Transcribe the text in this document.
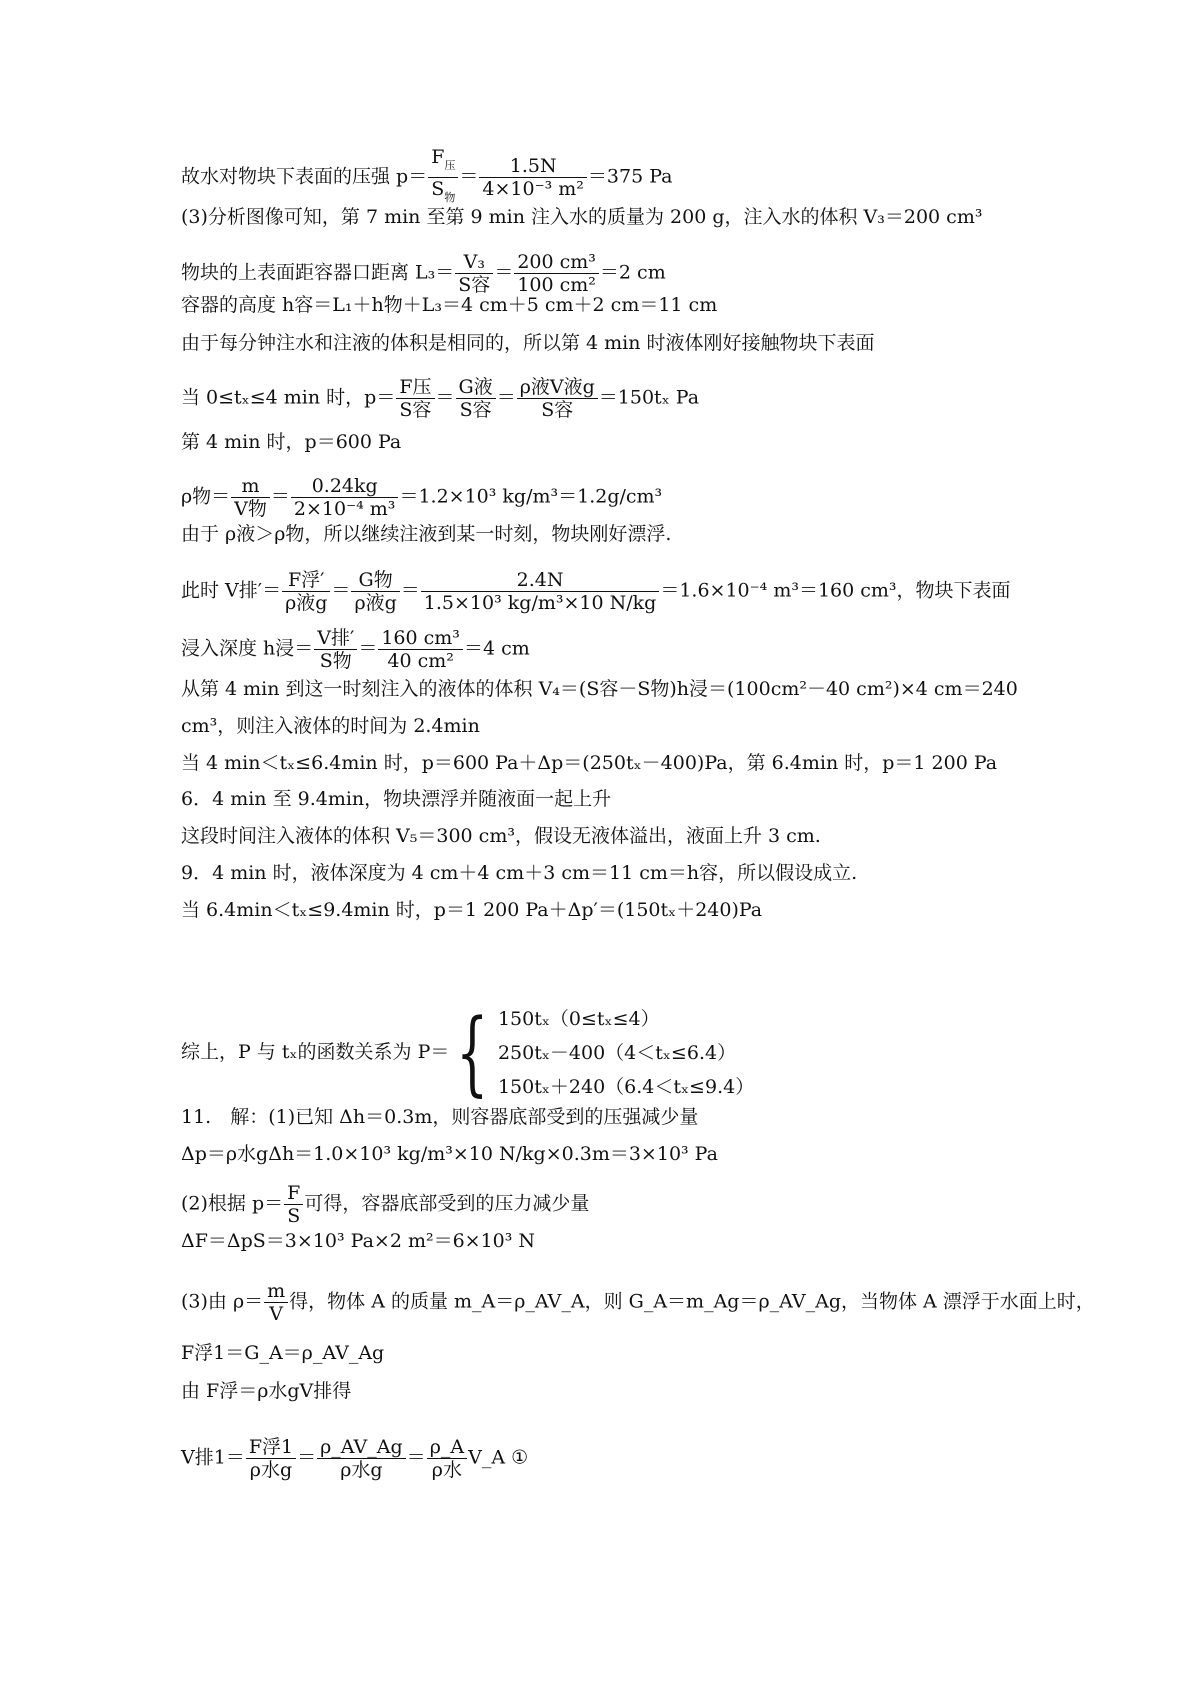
故水对物块下表面的压强 $p= \frac{F_压}{S_物} = \frac{1.5N}{\text{4×10⁻³ m²}} =375$ Pa
(3)分析图像可知，第 7 min 至第 9 min 注入水的质量为 200 g，注入水的体积 V₃＝200 cm³
物块的上表面距容器口距离 $L_3= \frac{\text{V₃}}{\text{S容}} = \frac{\text{200 cm³}}{\text{100 cm²}} =2$ cm
容器的高度 h容＝L₁＋h物＋L₃＝4 cm＋5 cm＋2 cm＝11 cm
由于每分钟注水和注液的体积是相同的，所以第 4 min 时液体刚好接触物块下表面
当 0≤tₓ≤4 min 时，$p= \frac{\text{F压}}{\text{S容}} = \frac{\text{G液}}{\text{S容}} = \frac{\text{ρ液V液g}}{\text{S容}} =150t_x$ Pa
第 4 min 时，p＝600 Pa
ρ物＝ $\frac{m}{\text{V物}} = \frac{0.24kg}{\text{2×10⁻⁴ m³}} =1.2\times 10^3$ kg/m³＝1.2g/cm³
由于 ρ液＞ρ物，所以继续注液到某一时刻，物块刚好漂浮.
此时 V排′＝ $\frac{\text{F浮′}}{\text{ρ液g}} = \frac{\text{G物}}{\text{ρ液g}} = \frac{2.4N}{\text{1.5×10³ kg/m³×10 N/kg}} =1.6\times 10^{-4}$ m³＝160 cm³，物块下表面
浸入深度 h浸＝ $\frac{\text{V排′}}{\text{S物}} = \frac{\text{160 cm³}}{\text{40 cm²}} =4$ cm
从第 4 min 到这一时刻注入的液体的体积 V₄＝(S容－S物)h浸＝(100cm²－40 cm²)×4 cm＝240
cm³，则注入液体的时间为 2.4min
当 4 min＜tₓ≤6.4min 时，p＝600 Pa＋Δp＝(250tₓ－400)Pa，第 6.4min 时，p＝1 200 Pa
6．4 min 至 9.4min，物块漂浮并随液面一起上升
这段时间注入液体的体积 V₅＝300 cm³，假设无液体溢出，液面上升 3 cm.
9．4 min 时，液体深度为 4 cm＋4 cm＋3 cm＝11 cm＝h容，所以假设成立.
当 6.4min＜tₓ≤9.4min 时，p＝1 200 Pa＋Δp′＝(150tₓ＋240)Pa
综上，P 与 tₓ的函数关系为 P＝{ 150tₓ（0≤tₓ≤4）
250tₓ－400（4＜tₓ≤6.4）
150tₓ＋240（6.4＜tₓ≤9.4）
11.　解：(1)已知 Δh＝0.3m，则容器底部受到的压强减少量
Δp＝ρ水gΔh＝1.0×10³ kg/m³×10 N/kg×0.3m＝3×10³ Pa
(2)根据 $p= \frac{F}{S}$ 可得，容器底部受到的压力减少量
ΔF＝ΔpS＝3×10³ Pa×2 m²＝6×10³ N
(3)由 $\rho= \frac{m}{V}$ 得，物体 A 的质量 m_A＝ρ_AV_A，则 G_A＝m_Ag＝ρ_AV_Ag，当物体 A 漂浮于水面上时，
F浮1＝G_A＝ρ_AV_Ag
由 F浮＝ρ水gV排得
V排$1= \frac{\text{F浮1}}{\text{ρ水g}} = \frac{\rho\_AV\_Ag}{\text{ρ水g}} = \frac{\rho\_A}{\text{ρ水}}$ V_A ①
